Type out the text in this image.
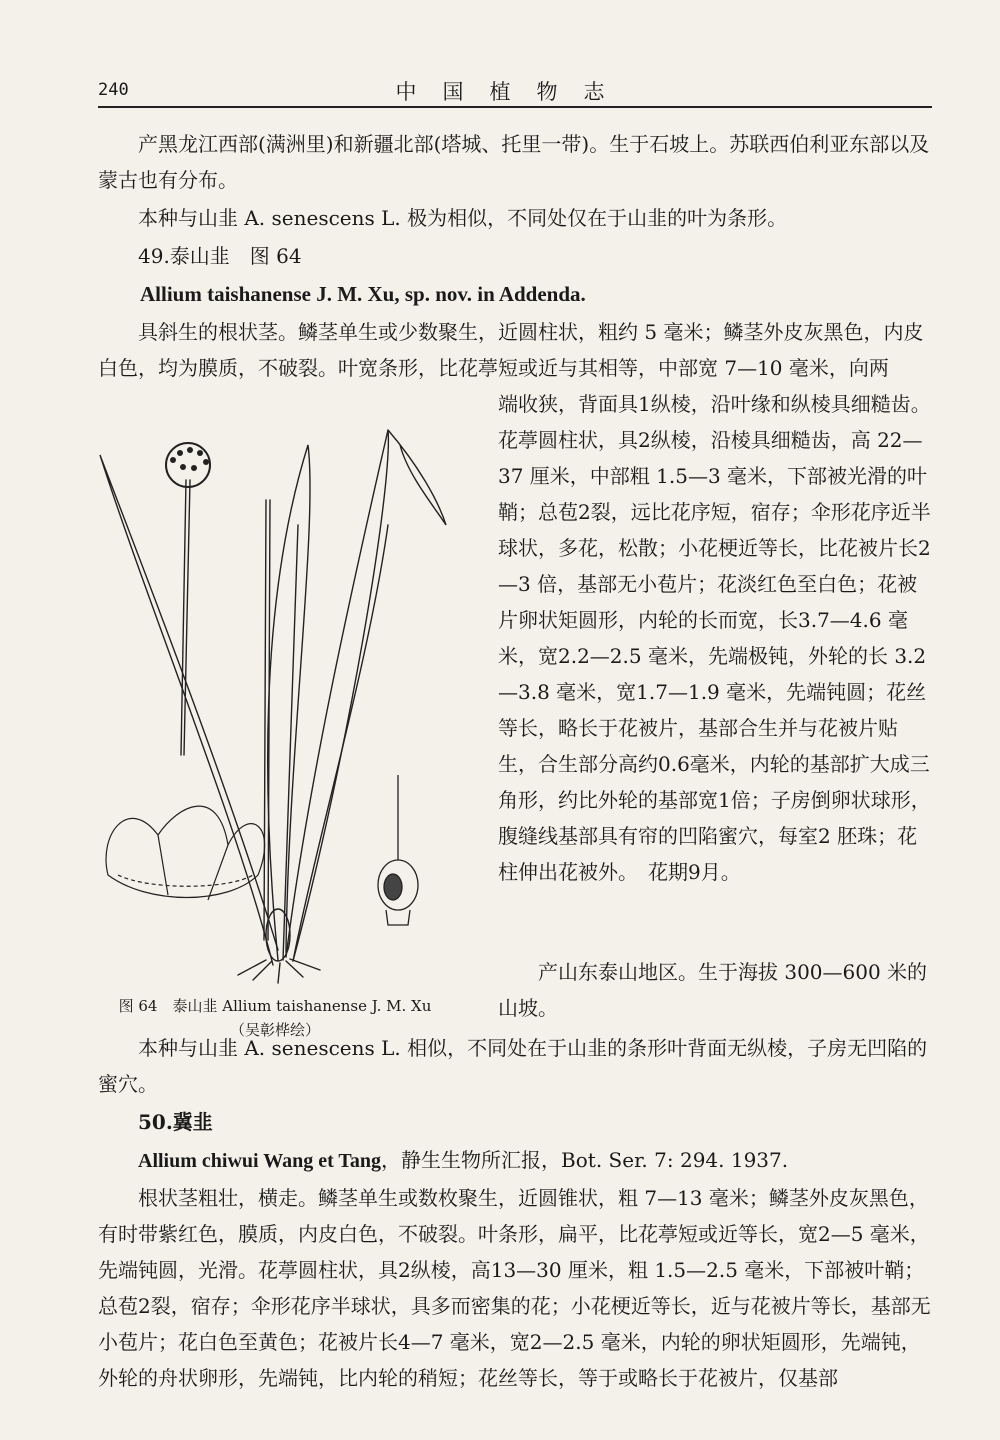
240	中国植物志

产黑龙江西部(满洲里)和新疆北部(塔城、托里一带)。生于石坡上。苏联西伯利亚东部以及蒙古也有分布。

本种与山韭 A. senescens L. 极为相似，不同处仅在于山韭的叶为条形。

49.泰山韭　图 64

Allium taishanense J. M. Xu, sp. nov. in Addenda.

具斜生的根状茎。鳞茎单生或少数聚生，近圆柱状，粗约 5 毫米；鳞茎外皮灰黑色，内皮白色，均为膜质，不破裂。叶宽条形，比花葶短或近与其相等，中部宽 7—10 毫米，向两

端收狭，背面具1纵棱，沿叶缘和纵棱具细糙齿。花葶圆柱状，具2纵棱，沿棱具细糙齿，高 22—37 厘米，中部粗 1.5—3 毫米，下部被光滑的叶鞘；总苞2裂，远比花序短，宿存；伞形花序近半球状，多花，松散；小花梗近等长，比花被片长2—3 倍，基部无小苞片；花淡红色至白色；花被片卵状矩圆形，内轮的长而宽，长3.7—4.6 毫米，宽2.2—2.5 毫米，先端极钝，外轮的长 3.2—3.8 毫米，宽1.7—1.9 毫米，先端钝圆；花丝等长，略长于花被片，基部合生并与花被片贴生，合生部分高约0.6毫米，内轮的基部扩大成三角形，约比外轮的基部宽1倍；子房倒卵状球形，腹缝线基部具有帘的凹陷蜜穴，每室2 胚珠；花柱伸出花被外。　花期9月。

产山东泰山地区。生于海拔 300—600 米的山坡。

图 64　泰山韭 Allium taishanense J. M. Xu
（吴彰桦绘）

本种与山韭 A. senescens L. 相似，不同处在于山韭的条形叶背面无纵棱，子房无凹陷的蜜穴。

50.冀韭

Allium chiwui Wang et Tang，静生生物所汇报，Bot. Ser. 7: 294. 1937.

根状茎粗壮，横走。鳞茎单生或数枚聚生，近圆锥状，粗 7—13 毫米；鳞茎外皮灰黑色，有时带紫红色，膜质，内皮白色，不破裂。叶条形，扁平，比花葶短或近等长，宽2—5 毫米，先端钝圆，光滑。花葶圆柱状，具2纵棱，高13—30 厘米，粗 1.5—2.5 毫米，下部被叶鞘；总苞2裂，宿存；伞形花序半球状，具多而密集的花；小花梗近等长，近与花被片等长，基部无小苞片；花白色至黄色；花被片长4—7 毫米，宽2—2.5 毫米，内轮的卵状矩圆形，先端钝，外轮的舟状卵形，先端钝，比内轮的稍短；花丝等长，等于或略长于花被片，仅基部
